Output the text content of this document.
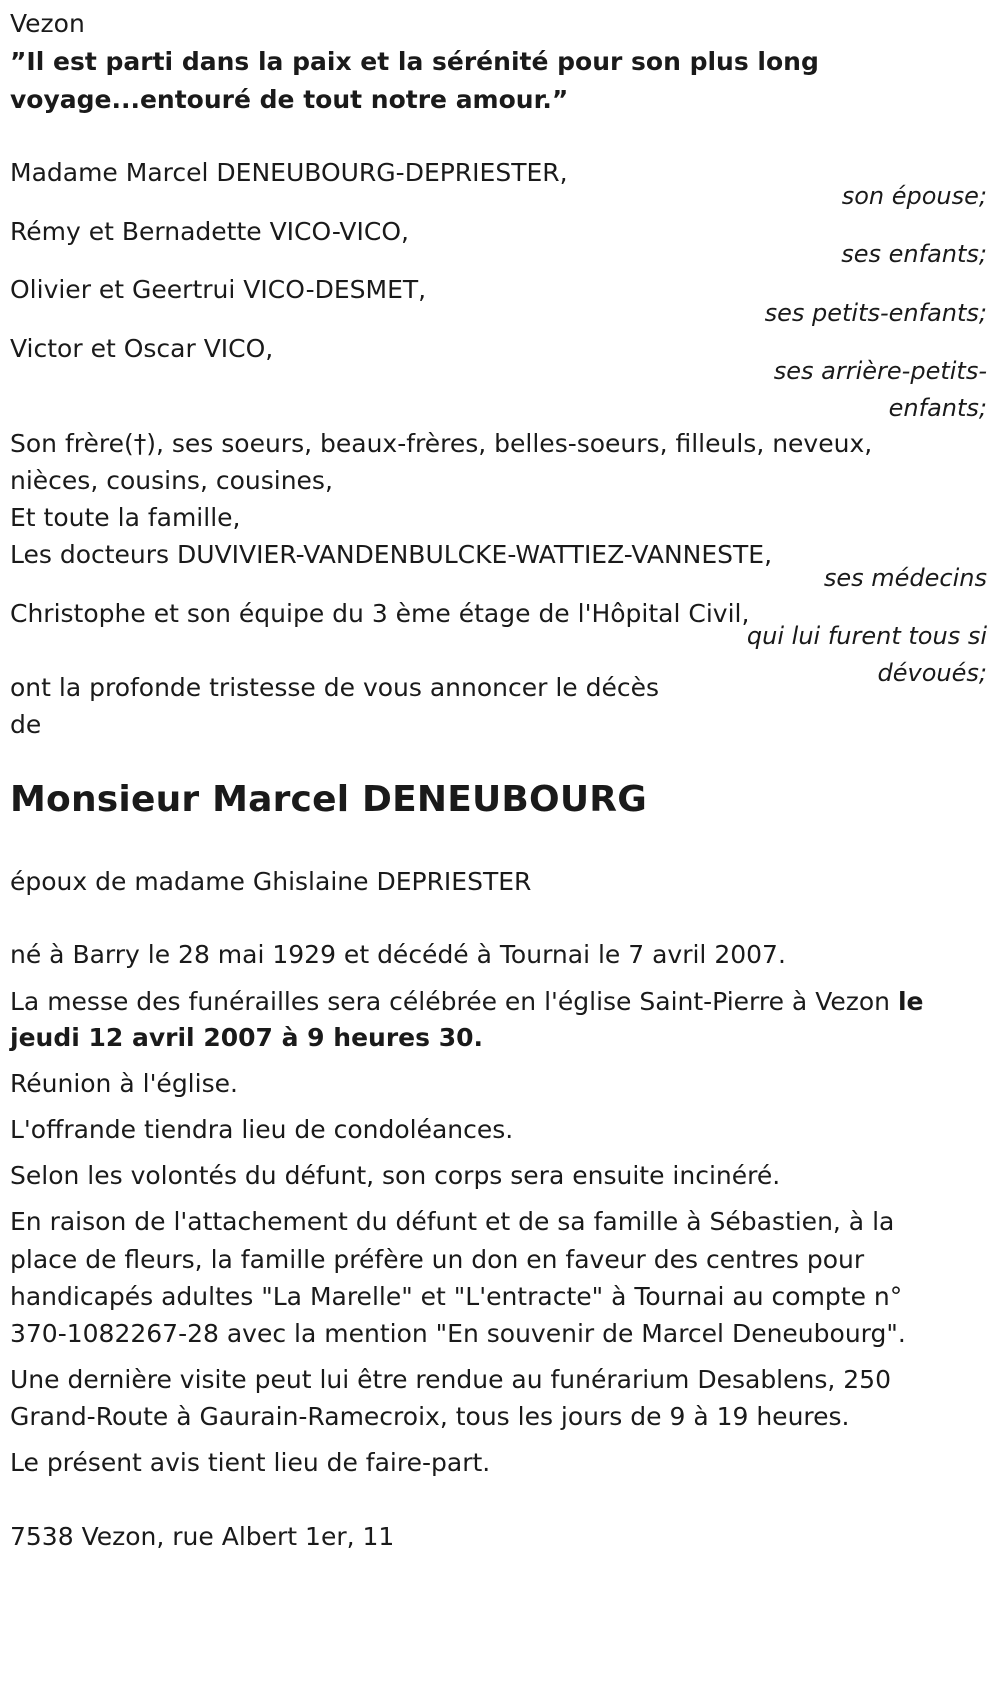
Vezon

”Il est parti dans la paix et la sérénité pour son plus long

voyage...entouré de tout notre amour.”

Madame Marcel DENEUBOURG-DEPRIESTER,

son épouse;

Rémy et Bernadette VICO-VICO,

ses enfants;

Olivier et Geertrui VICO-DESMET,

ses petits-enfants;

Victor et Oscar VICO,

ses arrière-petits-

enfants;

Son frère(†), ses soeurs, beaux-frères, belles-soeurs, filleuls, neveux,

nièces, cousins, cousines,

Et toute la famille,

Les docteurs DUVIVIER-VANDENBULCKE-WATTIEZ-VANNESTE,

ses médecins

Christophe et son équipe du 3 ème étage de l'Hôpital Civil,

qui lui furent tous si

dévoués;

ont la profonde tristesse de vous annoncer le décès

de

Monsieur Marcel DENEUBOURG

époux de madame Ghislaine DEPRIESTER

né à Barry le 28 mai 1929 et décédé à Tournai le 7 avril 2007.

La messe des funérailles sera célébrée en l'église Saint-Pierre à Vezon le

jeudi 12 avril 2007 à 9 heures 30.

Réunion à l'église.

L'offrande tiendra lieu de condoléances.

Selon les volontés du défunt, son corps sera ensuite incinéré.

En raison de l'attachement du défunt et de sa famille à Sébastien, à la

place de fleurs, la famille préfère un don en faveur des centres pour

handicapés adultes "La Marelle" et "L'entracte" à Tournai au compte n°

370-1082267-28 avec la mention "En souvenir de Marcel Deneubourg".

Une dernière visite peut lui être rendue au funérarium Desablens, 250

Grand-Route à Gaurain-Ramecroix, tous les jours de 9 à 19 heures.

Le présent avis tient lieu de faire-part.

7538 Vezon, rue Albert 1er, 11
